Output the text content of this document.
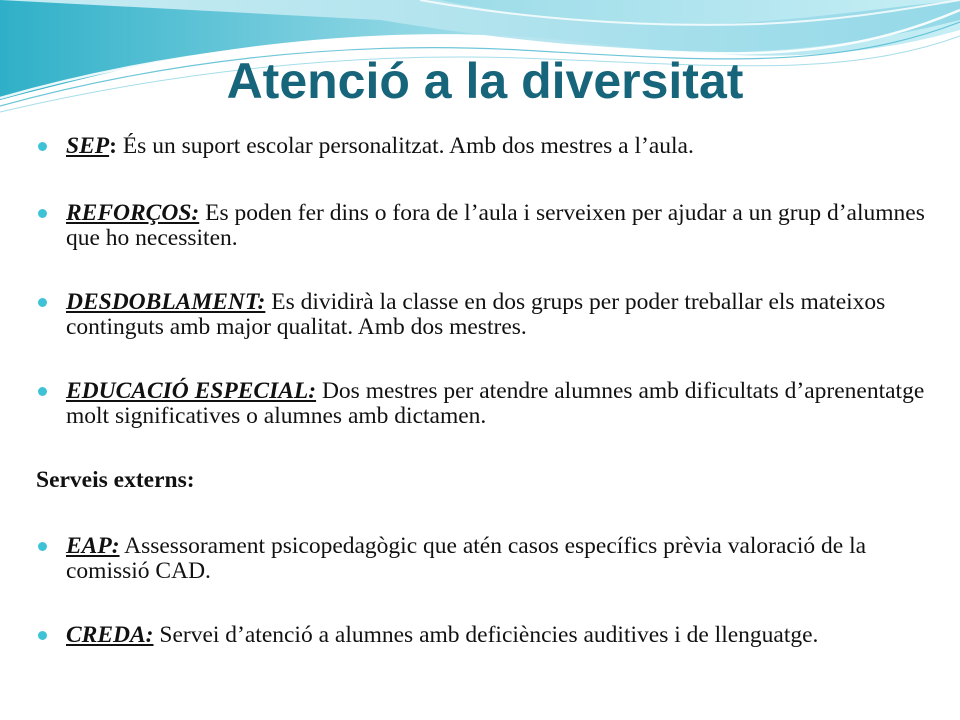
Atenció a la diversitat
SEP: És un suport escolar personalitzat. Amb dos mestres a l’aula.
REFORÇOS: Es poden fer dins o fora de l’aula i serveixen per ajudar a un grup d’alumnes que ho necessiten.
DESDOBLAMENT: Es dividirà la classe en dos grups per poder treballar els mateixos continguts amb major qualitat. Amb dos mestres.
EDUCACIÓ ESPECIAL: Dos mestres per atendre alumnes amb dificultats d’aprenentatge molt significatives o alumnes amb dictamen.
Serveis externs:
EAP: Assessorament psicopedagògic que atén casos específics prèvia valoració de la comissió CAD.
CREDA: Servei d’atenció a alumnes amb deficiències auditives i de llenguatge.
